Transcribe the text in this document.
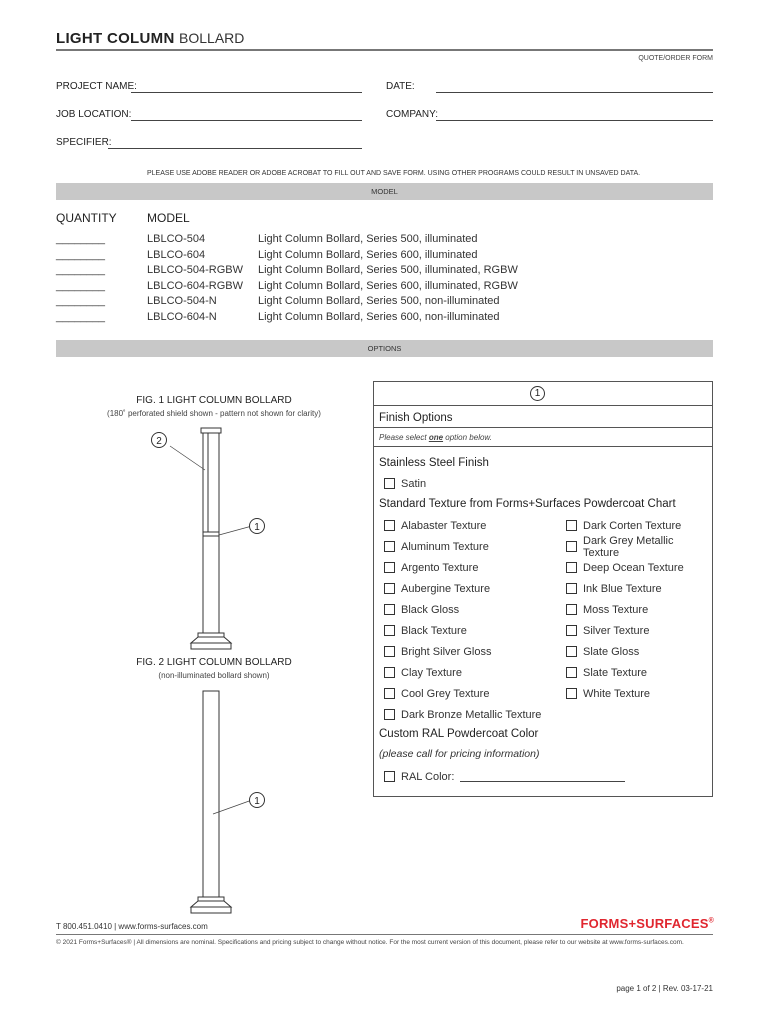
LIGHT COLUMN BOLLARD
QUOTE/ORDER FORM
PROJECT NAME:	DATE:
JOB LOCATION:	COMPANY:
SPECIFIER:
PLEASE USE ADOBE READER OR ADOBE ACROBAT TO FILL OUT AND SAVE FORM. USING OTHER PROGRAMS COULD RESULT IN UNSAVED DATA.
MODEL
QUANTITY	MODEL
________	LBLCO-504	Light Column Bollard, Series 500, illuminated
________	LBLCO-604	Light Column Bollard, Series 600, illuminated
________	LBLCO-504-RGBW Light Column Bollard, Series 500, illuminated, RGBW
________	LBLCO-604-RGBW Light Column Bollard, Series 600, illuminated, RGBW
________	LBLCO-504-N	Light Column Bollard, Series 500, non-illuminated
________	LBLCO-604-N	Light Column Bollard, Series 600, non-illuminated
OPTIONS
FIG. 1 LIGHT COLUMN BOLLARD
(180˚ perforated shield shown - pattern not shown for clarity)
2
1
FIG. 2 LIGHT COLUMN BOLLARD
(non-illuminated bollard shown)
1
1
Finish Options
Please select one option below.
Stainless Steel Finish
Satin
Standard Texture from Forms+Surfaces Powdercoat Chart
Alabaster Texture
Aluminum Texture
Argento Texture
Aubergine Texture
Black Gloss
Black Texture
Bright Silver Gloss
Clay Texture
Cool Grey Texture
Dark Bronze Metallic Texture
Dark Corten Texture
Dark Grey Metallic Texture
Deep Ocean Texture
Ink Blue Texture
Moss Texture
Silver Texture
Slate Gloss
Slate Texture
White Texture
Custom RAL Powdercoat Color
(please call for pricing information)
RAL Color:
T 800.451.0410 | www.forms-surfaces.com	FORMS+SURFACES®
© 2021 Forms+Surfaces® | All dimensions are nominal. Specifications and pricing subject to change without notice. For the most current version of this document, please refer to our website at www.forms-surfaces.com.
page 1 of 2 | Rev. 03-17-21
